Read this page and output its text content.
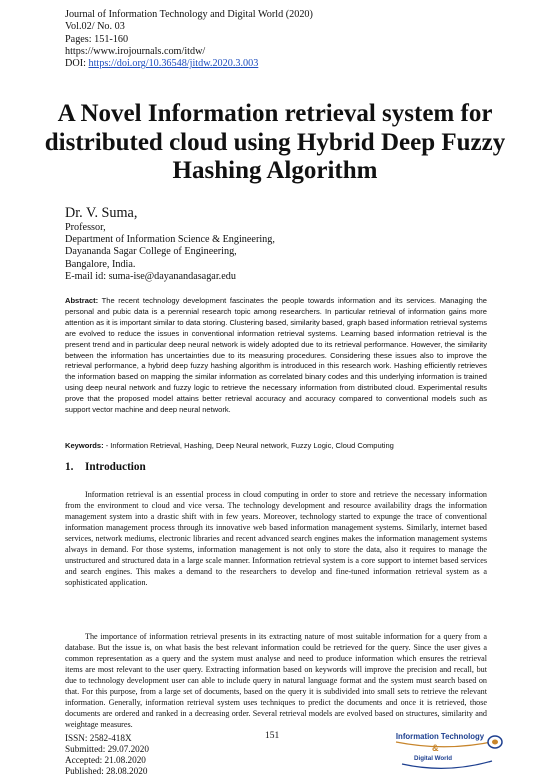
Journal of Information Technology and Digital World (2020)
Vol.02/ No. 03
Pages: 151-160
https://www.irojournals.com/itdw/
DOI: https://doi.org/10.36548/jitdw.2020.3.003
A Novel Information retrieval system for distributed cloud using Hybrid Deep Fuzzy Hashing Algorithm
Dr. V. Suma,
Professor,
Department of Information Science & Engineering,
Dayananda Sagar College of Engineering,
Bangalore, India.
E-mail id: suma-ise@dayanandasagar.edu
Abstract: The recent technology development fascinates the people towards information and its services. Managing the personal and pubic data is a perennial research topic among researchers. In particular retrieval of information gains more attention as it is important similar to data storing. Clustering based, similarity based, graph based information retrieval systems are evolved to reduce the issues in conventional information retrieval systems. Learning based information retrieval is the present trend and in particular deep neural network is widely adopted due to its retrieval performance. However, the similarity between the information has uncertainties due to its measuring procedures. Considering these issues also to improve the retrieval performance, a hybrid deep fuzzy hashing algorithm is introduced in this research work. Hashing efficiently retrieves the information based on mapping the similar information as correlated binary codes and this underlying information is trained using deep neural network and fuzzy logic to retrieve the necessary information from distributed cloud. Experimental results prove that the proposed model attains better retrieval accuracy and accuracy compared to conventional models such as support vector machine and deep neural network.
Keywords: - Information Retrieval, Hashing, Deep Neural network, Fuzzy Logic, Cloud Computing
1. Introduction
Information retrieval is an essential process in cloud computing in order to store and retrieve the necessary information from the environment to cloud and vice versa. The technology development and resource availability drags the information management system into a drastic shift with in few years. Moreover, technology started to expunge the trace of conventional information management process through its innovative web based information management systems. Similarly, internet based services, network mediums, electronic libraries and recent advanced search engines makes the information management systems always in demand. For those systems, information management is not only to store the data, also it requires to manage the unstructured and structured data in a large scale manner. Information retrieval system is a core support to internet based services and search engines. This makes a demand to the researchers to develop and fine-tuned information retrieval system as a sophisticated application.
The importance of information retrieval presents in its extracting nature of most suitable information for a query from a database. But the issue is, on what basis the best relevant information could be retrieved for the query. Since the user gives a common representation as a query and the system must analyse and need to produce information which ensures the retrieval items are most relevant to the user query. Extracting information based on keywords will improve the precision and recall, but due to technology development user can able to include query in natural language format and the system must search based on that. For this purpose, from a large set of documents, based on the query it is subdivided into small sets to retrieve the relevant information. Generally, information retrieval system uses techniques to predict the documents and once it is retrieved, those documents are ordered and ranked in a decreasing order. Several retrieval models are evolved based on structures, similarity and weightage measures.
151
ISSN: 2582-418X
Submitted: 29.07.2020
Accepted: 21.08.2020
Published: 28.08.2020
Information Technology
&
Digital World
